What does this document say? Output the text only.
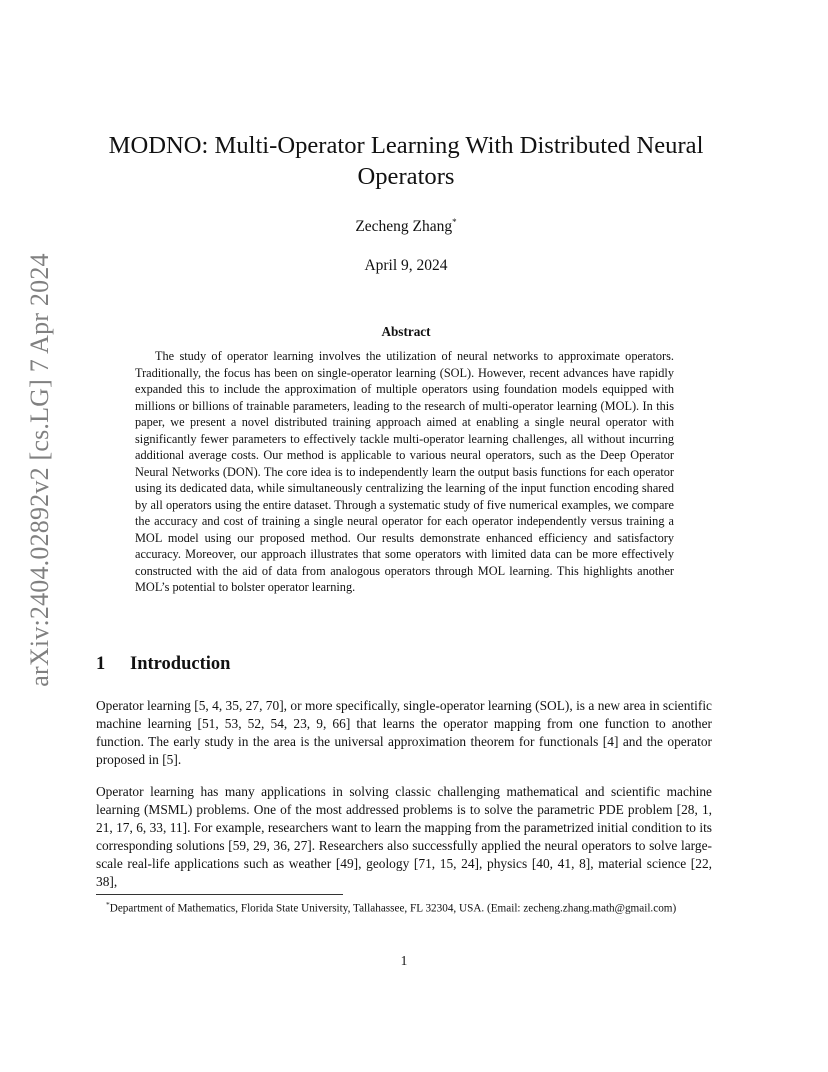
arXiv:2404.02892v2 [cs.LG] 7 Apr 2024
MODNO: Multi-Operator Learning With Distributed Neural
Operators
Zecheng Zhang*
April 9, 2024
Abstract
The study of operator learning involves the utilization of neural networks to approximate operators. Traditionally, the focus has been on single-operator learning (SOL). However, recent advances have rapidly expanded this to include the approximation of multiple operators using foundation models equipped with millions or billions of trainable parameters, leading to the research of multi-operator learning (MOL). In this paper, we present a novel distributed training approach aimed at enabling a single neural operator with significantly fewer parameters to effectively tackle multi-operator learning challenges, all without incurring additional average costs. Our method is applicable to various neural operators, such as the Deep Operator Neural Networks (DON). The core idea is to independently learn the output basis functions for each operator using its dedicated data, while simultaneously centralizing the learning of the input function encoding shared by all operators using the entire dataset. Through a systematic study of five numerical examples, we compare the accuracy and cost of training a single neural operator for each operator independently versus training a MOL model using our proposed method. Our results demonstrate enhanced efficiency and satisfactory accuracy. Moreover, our approach illustrates that some operators with limited data can be more effectively constructed with the aid of data from analogous operators through MOL learning. This highlights another MOL’s potential to bolster operator learning.
1 Introduction
Operator learning [5, 4, 35, 27, 70], or more specifically, single-operator learning (SOL), is a new area in scientific machine learning [51, 53, 52, 54, 23, 9, 66] that learns the operator mapping from one function to another function. The early study in the area is the universal approximation theorem for functionals [4] and the operator proposed in [5].
Operator learning has many applications in solving classic challenging mathematical and scientific machine learning (MSML) problems. One of the most addressed problems is to solve the parametric PDE problem [28, 1, 21, 17, 6, 33, 11]. For example, researchers want to learn the mapping from the parametrized initial condition to its corresponding solutions [59, 29, 36, 27]. Researchers also successfully applied the neural operators to solve large-scale real-life applications such as weather [49], geology [71, 15, 24], physics [40, 41, 8], material science [22, 38],
*Department of Mathematics, Florida State University, Tallahassee, FL 32304, USA. (Email: zecheng.zhang.math@gmail.com)
1
